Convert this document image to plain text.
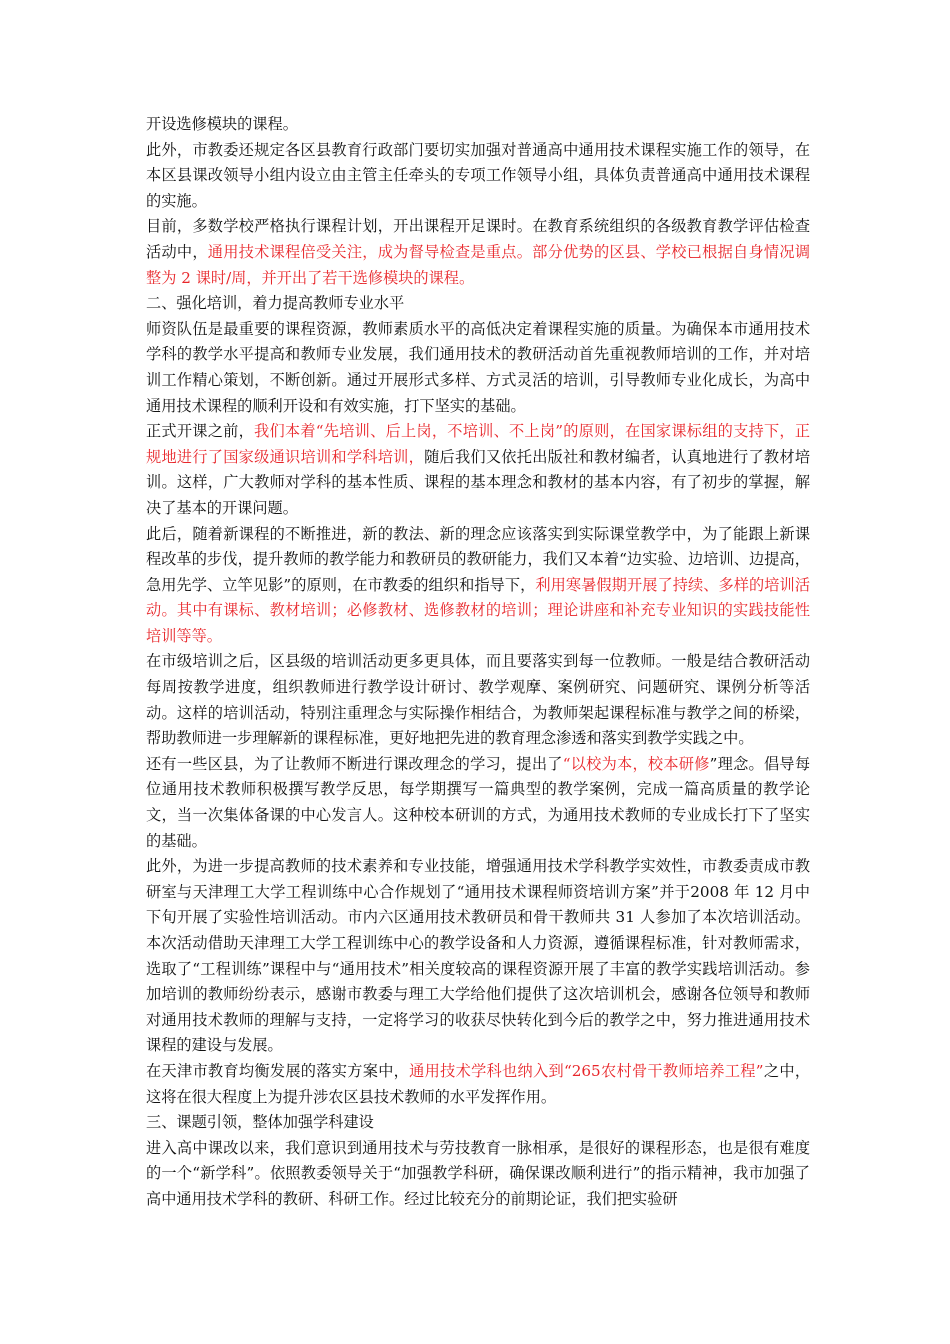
开设选修模块的课程。

此外，市教委还规定各区县教育行政部门要切实加强对普通高中通用技术课程实施工作的领导，在本区县课改领导小组内设立由主管主任牵头的专项工作领导小组，具体负责普通高中通用技术课程的实施。

目前，多数学校严格执行课程计划，开出课程开足课时。在教育系统组织的各级教育教学评估检查活动中，通用技术课程倍受关注，成为督导检查是重点。部分优势的区县、学校已根据自身情况调整为 2 课时/周，并开出了若干选修模块的课程。

二、强化培训，着力提高教师专业水平

师资队伍是最重要的课程资源，教师素质水平的高低决定着课程实施的质量。为确保本市通用技术学科的教学水平提高和教师专业发展，我们通用技术的教研活动首先重视教师培训的工作，并对培训工作精心策划，不断创新。通过开展形式多样、方式灵活的培训，引导教师专业化成长，为高中通用技术课程的顺利开设和有效实施，打下坚实的基础。

正式开课之前，我们本着“先培训、后上岗，不培训、不上岗”的原则，在国家课标组的支持下，正规地进行了国家级通识培训和学科培训，随后我们又依托出版社和教材编者，认真地进行了教材培训。这样，广大教师对学科的基本性质、课程的基本理念和教材的基本内容，有了初步的掌握，解决了基本的开课问题。

此后，随着新课程的不断推进，新的教法、新的理念应该落实到实际课堂教学中，为了能跟上新课程改革的步伐，提升教师的教学能力和教研员的教研能力，我们又本着“边实验、边培训、边提高，急用先学、立竿见影”的原则，在市教委的组织和指导下，利用寒暑假期开展了持续、多样的培训活动。其中有课标、教材培训；必修教材、选修教材的培训；理论讲座和补充专业知识的实践技能性培训等等。

在市级培训之后，区县级的培训活动更多更具体，而且要落实到每一位教师。一般是结合教研活动每周按教学进度，组织教师进行教学设计研讨、教学观摩、案例研究、问题研究、课例分析等活动。这样的培训活动，特别注重理念与实际操作相结合，为教师架起课程标准与教学之间的桥梁，帮助教师进一步理解新的课程标准，更好地把先进的教育理念渗透和落实到教学实践之中。

还有一些区县，为了让教师不断进行课改理念的学习，提出了“以校为本，校本研修”理念。倡导每位通用技术教师积极撰写教学反思，每学期撰写一篇典型的教学案例，完成一篇高质量的教学论文，当一次集体备课的中心发言人。这种校本研训的方式，为通用技术教师的专业成长打下了坚实的基础。

此外，为进一步提高教师的技术素养和专业技能，增强通用技术学科教学实效性，市教委责成市教研室与天津理工大学工程训练中心合作规划了“通用技术课程师资培训方案”并于2008 年 12 月中下旬开展了实验性培训活动。市内六区通用技术教研员和骨干教师共 31 人参加了本次培训活动。本次活动借助天津理工大学工程训练中心的教学设备和人力资源，遵循课程标准，针对教师需求，选取了“工程训练”课程中与“通用技术”相关度较高的课程资源开展了丰富的教学实践培训活动。参加培训的教师纷纷表示，感谢市教委与理工大学给他们提供了这次培训机会，感谢各位领导和教师对通用技术教师的理解与支持，一定将学习的收获尽快转化到今后的教学之中，努力推进通用技术课程的建设与发展。

在天津市教育均衡发展的落实方案中，通用技术学科也纳入到“265农村骨干教师培养工程”之中，这将在很大程度上为提升涉农区县技术教师的水平发挥作用。

三、课题引领，整体加强学科建设

进入高中课改以来，我们意识到通用技术与劳技教育一脉相承，是很好的课程形态，也是很有难度的一个“新学科”。依照教委领导关于“加强教学科研，确保课改顺利进行”的指示精神，我市加强了高中通用技术学科的教研、科研工作。经过比较充分的前期论证，我们把实验研
